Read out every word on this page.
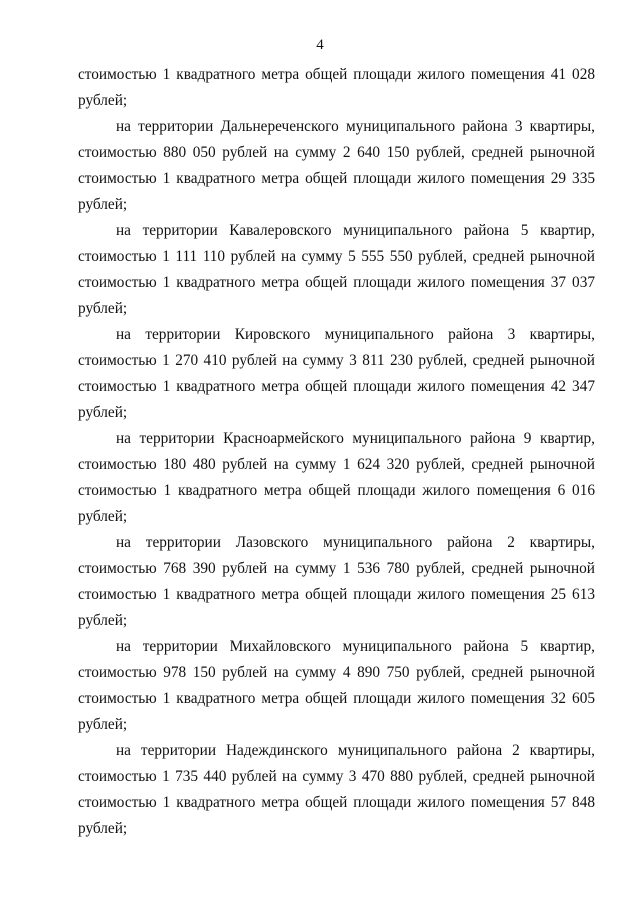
4

стоимостью 1 квадратного метра общей площади жилого помещения 41 028 рублей;

на территории Дальнереченского муниципального района 3 квартиры, стоимостью 880 050 рублей на сумму 2 640 150 рублей, средней рыночной стоимостью 1 квадратного метра общей площади жилого помещения 29 335 рублей;

на территории Кавалеровского муниципального района 5 квартир, стоимостью 1 111 110 рублей на сумму 5 555 550 рублей, средней рыночной стоимостью 1 квадратного метра общей площади жилого помещения 37 037 рублей;

на территории Кировского муниципального района 3 квартиры, стоимостью 1 270 410 рублей на сумму 3 811 230 рублей, средней рыночной стоимостью 1 квадратного метра общей площади жилого помещения 42 347 рублей;

на территории Красноармейского муниципального района 9 квартир, стоимостью 180 480 рублей на сумму 1 624 320 рублей, средней рыночной стоимостью 1 квадратного метра общей площади жилого помещения 6 016 рублей;

на территории Лазовского муниципального района 2 квартиры, стоимостью 768 390 рублей на сумму 1 536 780 рублей, средней рыночной стоимостью 1 квадратного метра общей площади жилого помещения 25 613 рублей;

на территории Михайловского муниципального района 5 квартир, стоимостью 978 150 рублей на сумму 4 890 750 рублей, средней рыночной стоимостью 1 квадратного метра общей площади жилого помещения 32 605 рублей;

на территории Надеждинского муниципального района 2 квартиры, стоимостью 1 735 440 рублей на сумму 3 470 880 рублей, средней рыночной стоимостью 1 квадратного метра общей площади жилого помещения 57 848 рублей;
